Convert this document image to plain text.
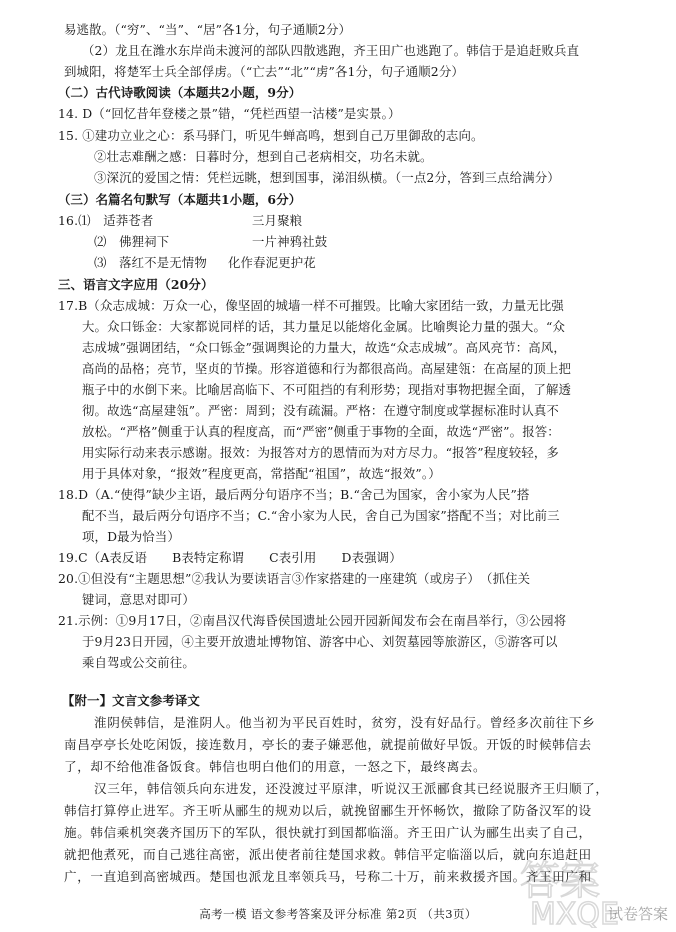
易逃散。（“穷”、“当”、“居”各1分，句子通顺2分）
（2）龙且在潍水东岸尚未渡河的部队四散逃跑，齐王田广也逃跑了。韩信于是追赶败兵直
到城阳，将楚军士兵全部俘虏。（“亡去”“北”“虏”各1分，句子通顺2分）
（二）古代诗歌阅读（本题共2小题，9分）
14. D（“回忆昔年登楼之景”错，“凭栏西望一沽楼”是实景。）
15. ①建功立业之心：系马驿门，听见牛蝉高鸣，想到自己万里御敌的志向。
②壮志难酬之感：日暮时分，想到自己老病相交，功名未就。
③深沉的爱国之情：凭栏远眺，想到国事，涕泪纵横。（一点2分，答到三点给满分）
（三）名篇名句默写（本题共1小题，6分）
16.⑴　适莽苍者
⑵　佛狸祠下
⑶　落红不是无情物
三、语言文字应用（20分）
17.B（众志成城：万众一心，像坚固的城墙一样不可摧毁。比喻大家团结一致，力量无比强
大。众口铄金：大家都说同样的话，其力量足以能熔化金属。比喻舆论力量的强大。“众
志成城”强调团结，“众口铄金”强调舆论的力量大，故选“众志成城”。高风亮节：高风，
高尚的品格；亮节，坚贞的节操。形容道德和行为都很高尚。高屋建瓴：在高屋的顶上把
瓶子中的水倒下来。比喻居高临下、不可阻挡的有利形势；现指对事物把握全面，了解透
彻。故选“高屋建瓴”。严密：周到；没有疏漏。严格：在遵守制度或掌握标准时认真不
放松。“严格”侧重于认真的程度高，而“严密”侧重于事物的全面，故选“严密”。报答：
用实际行动来表示感谢。报效：为报答对方的恩情而为对方尽力。“报答”程度较轻，多
用于具体对象，“报效”程度更高，常搭配“祖国”，故选“报效”。）
18.D（A.“使得”缺少主语，最后两分句语序不当；B.“舍己为国家，舍小家为人民”搭
配不当，最后两分句语序不当；C.“舍小家为人民，舍自己为国家”搭配不当；对比前三
项，D最为恰当）
19.C（A表反语　　B表特定称谓　　C表引用　　D表强调）
20.①但没有“主题思想”②我认为要读语言③作家搭建的一座建筑（或房子）　（抓住关
键词，意思对即可）
21.示例：①9月17日，②南昌汉代海昏侯国遗址公园开园新闻发布会在南昌举行，③公园将
于9月23日开园，④主要开放遗址博物馆、游客中心、刘贺墓园等旅游区，⑤游客可以
乘自驾或公交前往。
【附一】文言文参考译文
淮阴侯韩信，是淮阴人。他当初为平民百姓时，贫穷，没有好品行。曾经多次前往下乡
南昌亭亭长处吃闲饭，接连数月，亭长的妻子嫌恶他，就提前做好早饭。开饭的时候韩信去
了，却不给他准备饭食。韩信也明白他们的用意，一怒之下，最终离去。
汉三年，韩信领兵向东进发，还没渡过平原津，听说汉王派郦食其已经说服齐王归顺了，
韩信打算停止进军。齐王听从郦生的规劝以后，就挽留郦生开怀畅饮，撤除了防备汉军的设
施。韩信乘机突袭齐国历下的军队，很快就打到国都临淄。齐王田广认为郦生出卖了自己，
就把他煮死，而自己逃往高密，派出使者前往楚国求救。韩信平定临淄以后，就向东追赶田
广，一直追到高密城西。楚国也派龙且率领兵马，号称二十万，前来救援齐国。齐王田广和
三月聚粮
一片神鸦社鼓
化作春泥更护花
高考一模 语文参考答案及评分标准 第2页 （共3页）
答案
MXQE
试卷答案
